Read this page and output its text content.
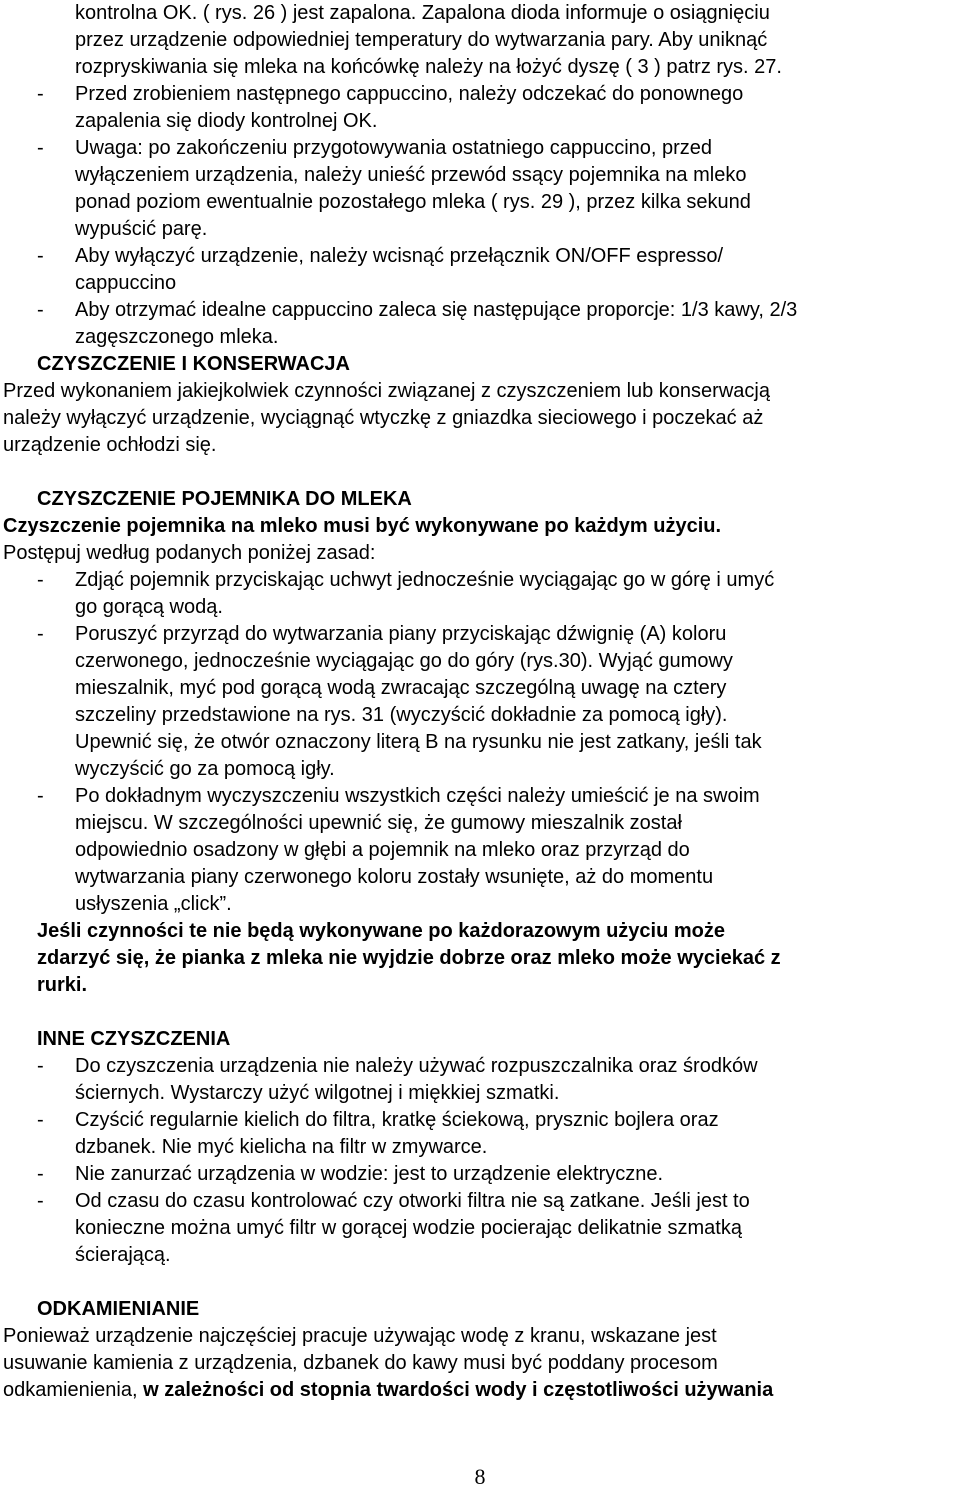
kontrolna OK. ( rys. 26 ) jest zapalona. Zapalona dioda informuje o osiągnięciu
przez urządzenie odpowiedniej temperatury do wytwarzania pary. Aby uniknąć
rozpryskiwania się mleka na końcówkę należy na łożyć dyszę ( 3 ) patrz rys. 27.
- Przed zrobieniem następnego cappuccino, należy odczekać do ponownego
zapalenia się diody kontrolnej OK.
- Uwaga: po zakończeniu przygotowywania ostatniego cappuccino, przed
wyłączeniem urządzenia, należy unieść przewód ssący pojemnika na mleko
ponad poziom ewentualnie pozostałego mleka ( rys. 29 ), przez kilka sekund
wypuścić parę.
- Aby wyłączyć urządzenie, należy wcisnąć przełącznik ON/OFF espresso/
cappuccino
- Aby otrzymać idealne cappuccino zaleca się następujące proporcje: 1/3 kawy, 2/3
zagęszczonego mleka.
CZYSZCZENIE I KONSERWACJA
Przed wykonaniem jakiejkolwiek czynności związanej z czyszczeniem lub konserwacją
należy wyłączyć urządzenie, wyciągnąć wtyczkę z gniazdka sieciowego i poczekać aż
urządzenie ochłodzi się.
CZYSZCZENIE POJEMNIKA DO MLEKA
Czyszczenie pojemnika na mleko musi być wykonywane po każdym użyciu.
Postępuj według podanych poniżej zasad:
- Zdjąć pojemnik przyciskając uchwyt jednocześnie wyciągając go w górę i umyć
go gorącą wodą.
- Poruszyć przyrząd do wytwarzania piany przyciskając dźwignię (A) koloru
czerwonego, jednocześnie wyciągając go do góry (rys.30). Wyjąć gumowy
mieszalnik, myć pod gorącą wodą zwracając szczególną uwagę na cztery
szczeliny przedstawione na rys. 31 (wyczyścić dokładnie za pomocą igły).
Upewnić się, że otwór oznaczony literą B na rysunku nie jest zatkany, jeśli tak
wyczyścić go za pomocą igły.
- Po dokładnym wyczyszczeniu wszystkich części należy umieścić je na swoim
miejscu. W szczególności upewnić się, że gumowy mieszalnik został
odpowiednio osadzony w głębi a pojemnik na mleko oraz przyrząd do
wytwarzania piany czerwonego koloru zostały wsunięte, aż do momentu
usłyszenia „click”.
Jeśli czynności te nie będą wykonywane po każdorazowym użyciu może
zdarzyć się, że pianka z mleka nie wyjdzie dobrze oraz mleko może wyciekać z
rurki.
INNE CZYSZCZENIA
- Do czyszczenia urządzenia nie należy używać rozpuszczalnika oraz środków
ściernych. Wystarczy użyć wilgotnej i miękkiej szmatki.
- Czyścić regularnie kielich do filtra, kratkę ściekową, prysznic bojlera oraz
dzbanek. Nie myć kielicha na filtr w zmywarce.
- Nie zanurzać urządzenia w wodzie: jest to urządzenie elektryczne.
- Od czasu do czasu kontrolować czy otworki filtra nie są zatkane. Jeśli jest to
konieczne można umyć filtr w gorącej wodzie pocierając delikatnie szmatką
ścierającą.
ODKAMIENIANIE
Ponieważ urządzenie najczęściej pracuje używając wodę z kranu, wskazane jest
usuwanie kamienia z urządzenia, dzbanek do kawy musi być poddany procesom
odkamienienia, w zależności od stopnia twardości wody i częstotliwości używania
8
